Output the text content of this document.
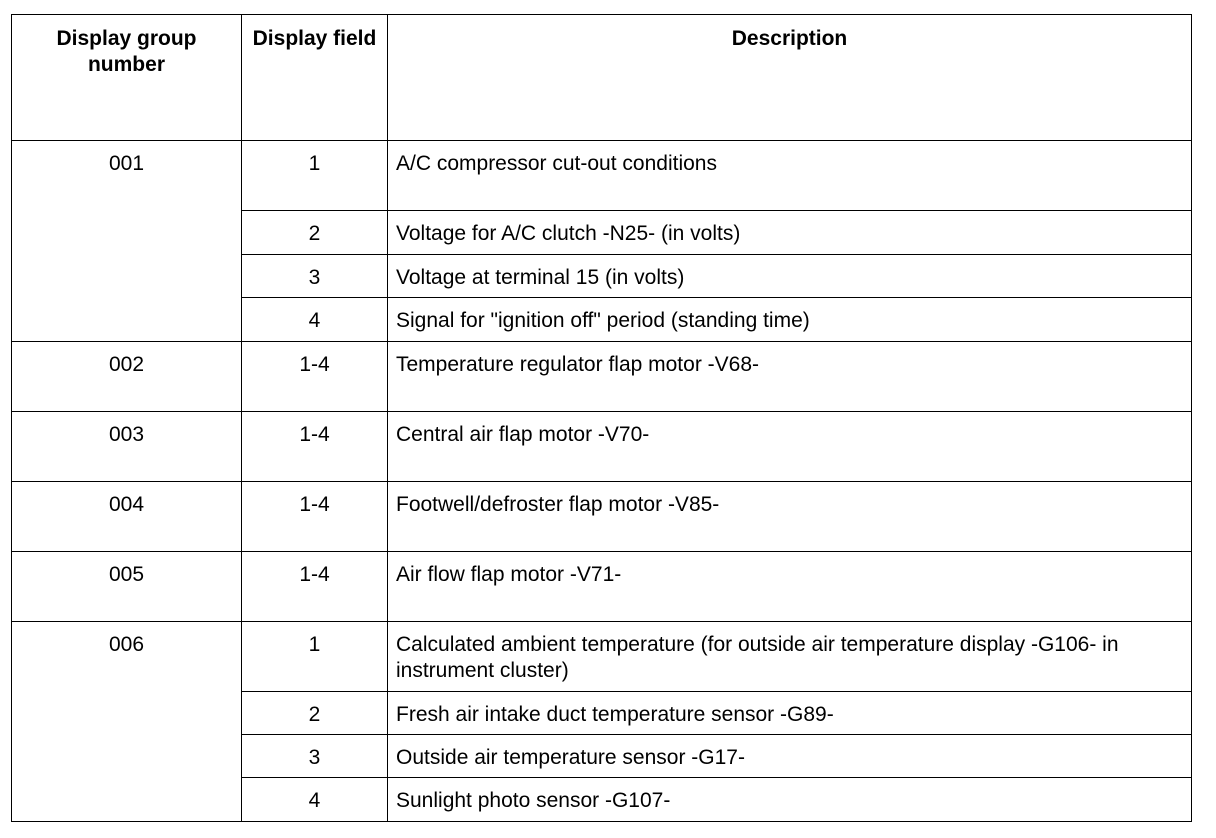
Display group number	Display field	Description
001	1	A/C compressor cut-out conditions
	2	Voltage for A/C clutch -N25- (in volts)
	3	Voltage at terminal 15 (in volts)
	4	Signal for "ignition off" period (standing time)
002	1-4	Temperature regulator flap motor -V68-
003	1-4	Central air flap motor -V70-
004	1-4	Footwell/defroster flap motor -V85-
005	1-4	Air flow flap motor -V71-
006	1	Calculated ambient temperature (for outside air temperature display -G106- in instrument cluster)
	2	Fresh air intake duct temperature sensor -G89-
	3	Outside air temperature sensor -G17-
	4	Sunlight photo sensor -G107-
